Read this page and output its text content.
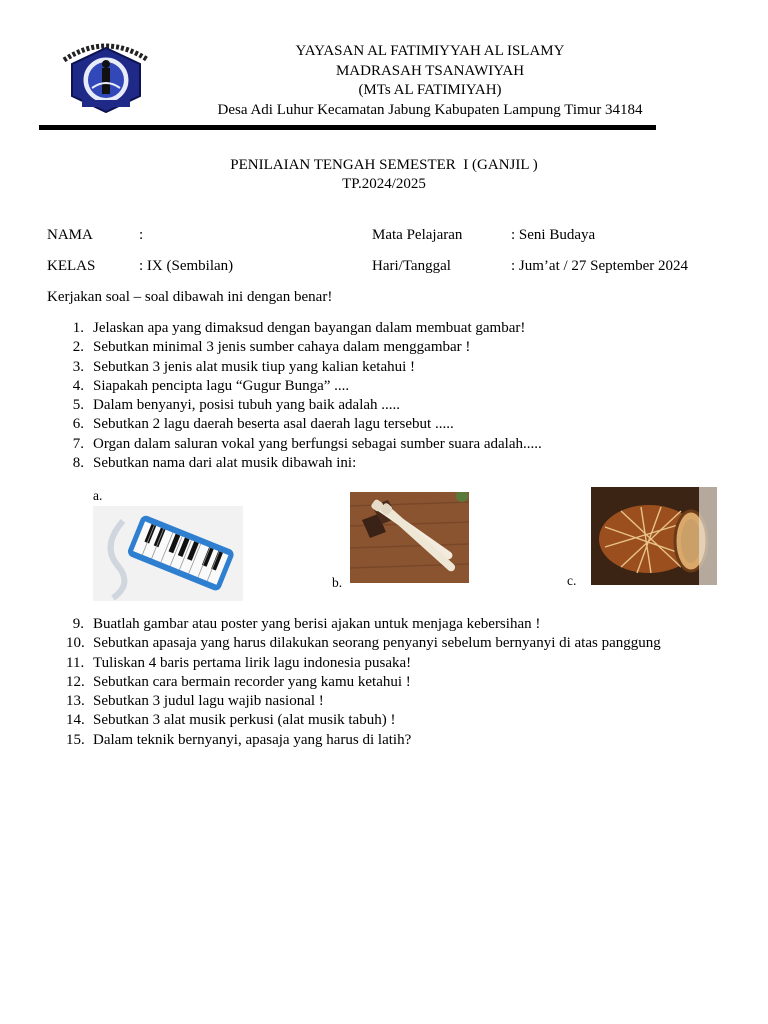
YAYASAN AL FATIMIYYAH AL ISLAMY
MADRASAH TSANAWIYAH
(MTs AL FATIMIYAH)
Desa Adi Luhur Kecamatan Jabung Kabupaten Lampung Timur 34184
PENILAIAN TENGAH SEMESTER  I (GANJIL )
TP.2024/2025
NAMA	:	Mata Pelajaran	: Seni Budaya
KELAS	: IX (Sembilan)	Hari/Tanggal	: Jum’at / 27 September 2024
Kerjakan soal – soal dibawah ini dengan benar!
1. Jelaskan apa yang dimaksud dengan bayangan dalam membuat gambar!
2. Sebutkan minimal 3 jenis sumber cahaya dalam menggambar !
3. Sebutkan 3 jenis alat musik tiup yang kalian ketahui !
4. Siapakah pencipta lagu “Gugur Bunga” ....
5. Dalam benyanyi, posisi tubuh yang baik adalah .....
6. Sebutkan 2 lagu daerah beserta asal daerah lagu tersebut .....
7. Organ dalam saluran vokal yang berfungsi sebagai sumber suara adalah.....
8. Sebutkan nama dari alat musik dibawah ini:
a.
b.	c.
9. Buatlah gambar atau poster yang berisi ajakan untuk menjaga kebersihan !
10. Sebutkan apasaja yang harus dilakukan seorang penyanyi sebelum bernyanyi di atas panggung
11. Tuliskan 4 baris pertama lirik lagu indonesia pusaka!
12. Sebutkan cara bermain recorder yang kamu ketahui !
13. Sebutkan 3 judul lagu wajib nasional !
14. Sebutkan 3 alat musik perkusi (alat musik tabuh) !
15. Dalam teknik bernyanyi, apasaja yang harus di latih?
